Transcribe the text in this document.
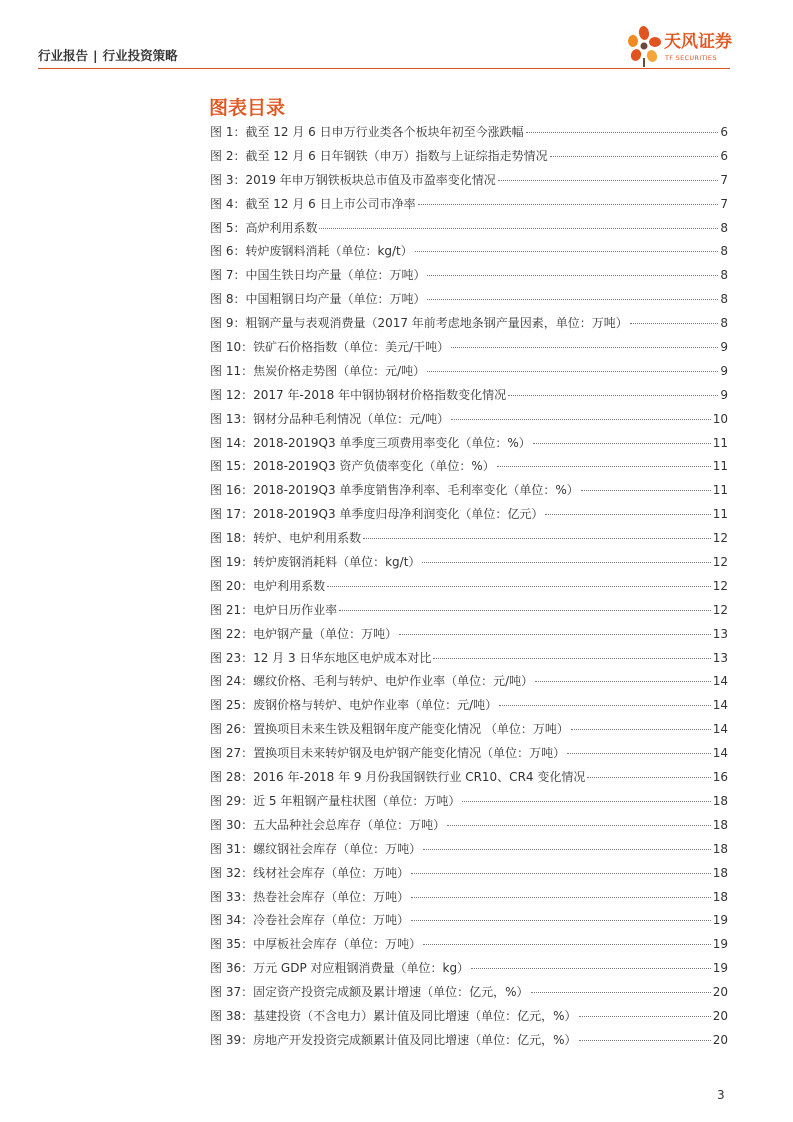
行业报告 | 行业投资策略
天风证券
TF SECURITIES
图表目录
图 1：截至 12 月 6 日申万行业类各个板块年初至今涨跌幅	6
图 2：截至 12 月 6 日年钢铁（申万）指数与上证综指走势情况	6
图 3：2019 年申万钢铁板块总市值及市盈率变化情况	7
图 4：截至 12 月 6 日上市公司市净率	7
图 5：高炉利用系数	8
图 6：转炉废钢料消耗（单位：kg/t）	8
图 7：中国生铁日均产量（单位：万吨）	8
图 8：中国粗钢日均产量（单位：万吨）	8
图 9：粗钢产量与表观消费量（2017 年前考虑地条钢产量因素，单位：万吨）	8
图 10：铁矿石价格指数（单位：美元/干吨）	9
图 11：焦炭价格走势图（单位：元/吨）	9
图 12：2017 年-2018 年中钢协钢材价格指数变化情况	9
图 13：钢材分品种毛利情况（单位：元/吨）	10
图 14：2018-2019Q3 单季度三项费用率变化（单位：%）	11
图 15：2018-2019Q3 资产负债率变化（单位：%）	11
图 16：2018-2019Q3 单季度销售净利率、毛利率变化（单位：%）	11
图 17：2018-2019Q3 单季度归母净利润变化（单位：亿元）	11
图 18：转炉、电炉利用系数	12
图 19：转炉废钢消耗料（单位：kg/t）	12
图 20：电炉利用系数	12
图 21：电炉日历作业率	12
图 22：电炉钢产量（单位：万吨）	13
图 23：12 月 3 日华东地区电炉成本对比	13
图 24：螺纹价格、毛利与转炉、电炉作业率（单位：元/吨）	14
图 25：废钢价格与转炉、电炉作业率（单位：元/吨）	14
图 26：置换项目未来生铁及粗钢年度产能变化情况 （单位：万吨）	14
图 27：置换项目未来转炉钢及电炉钢产能变化情况（单位：万吨）	14
图 28：2016 年-2018 年 9 月份我国钢铁行业 CR10、CR4 变化情况	16
图 29：近 5 年粗钢产量柱状图（单位：万吨）	18
图 30：五大品种社会总库存（单位：万吨）	18
图 31：螺纹钢社会库存（单位：万吨）	18
图 32：线材社会库存（单位：万吨）	18
图 33：热卷社会库存（单位：万吨）	18
图 34：冷卷社会库存（单位：万吨）	19
图 35：中厚板社会库存（单位：万吨）	19
图 36：万元 GDP 对应粗钢消费量（单位：kg）	19
图 37：固定资产投资完成额及累计增速（单位：亿元，%）	20
图 38：基建投资（不含电力）累计值及同比增速（单位：亿元，%）	20
图 39：房地产开发投资完成额累计值及同比增速（单位：亿元，%）	20
3
